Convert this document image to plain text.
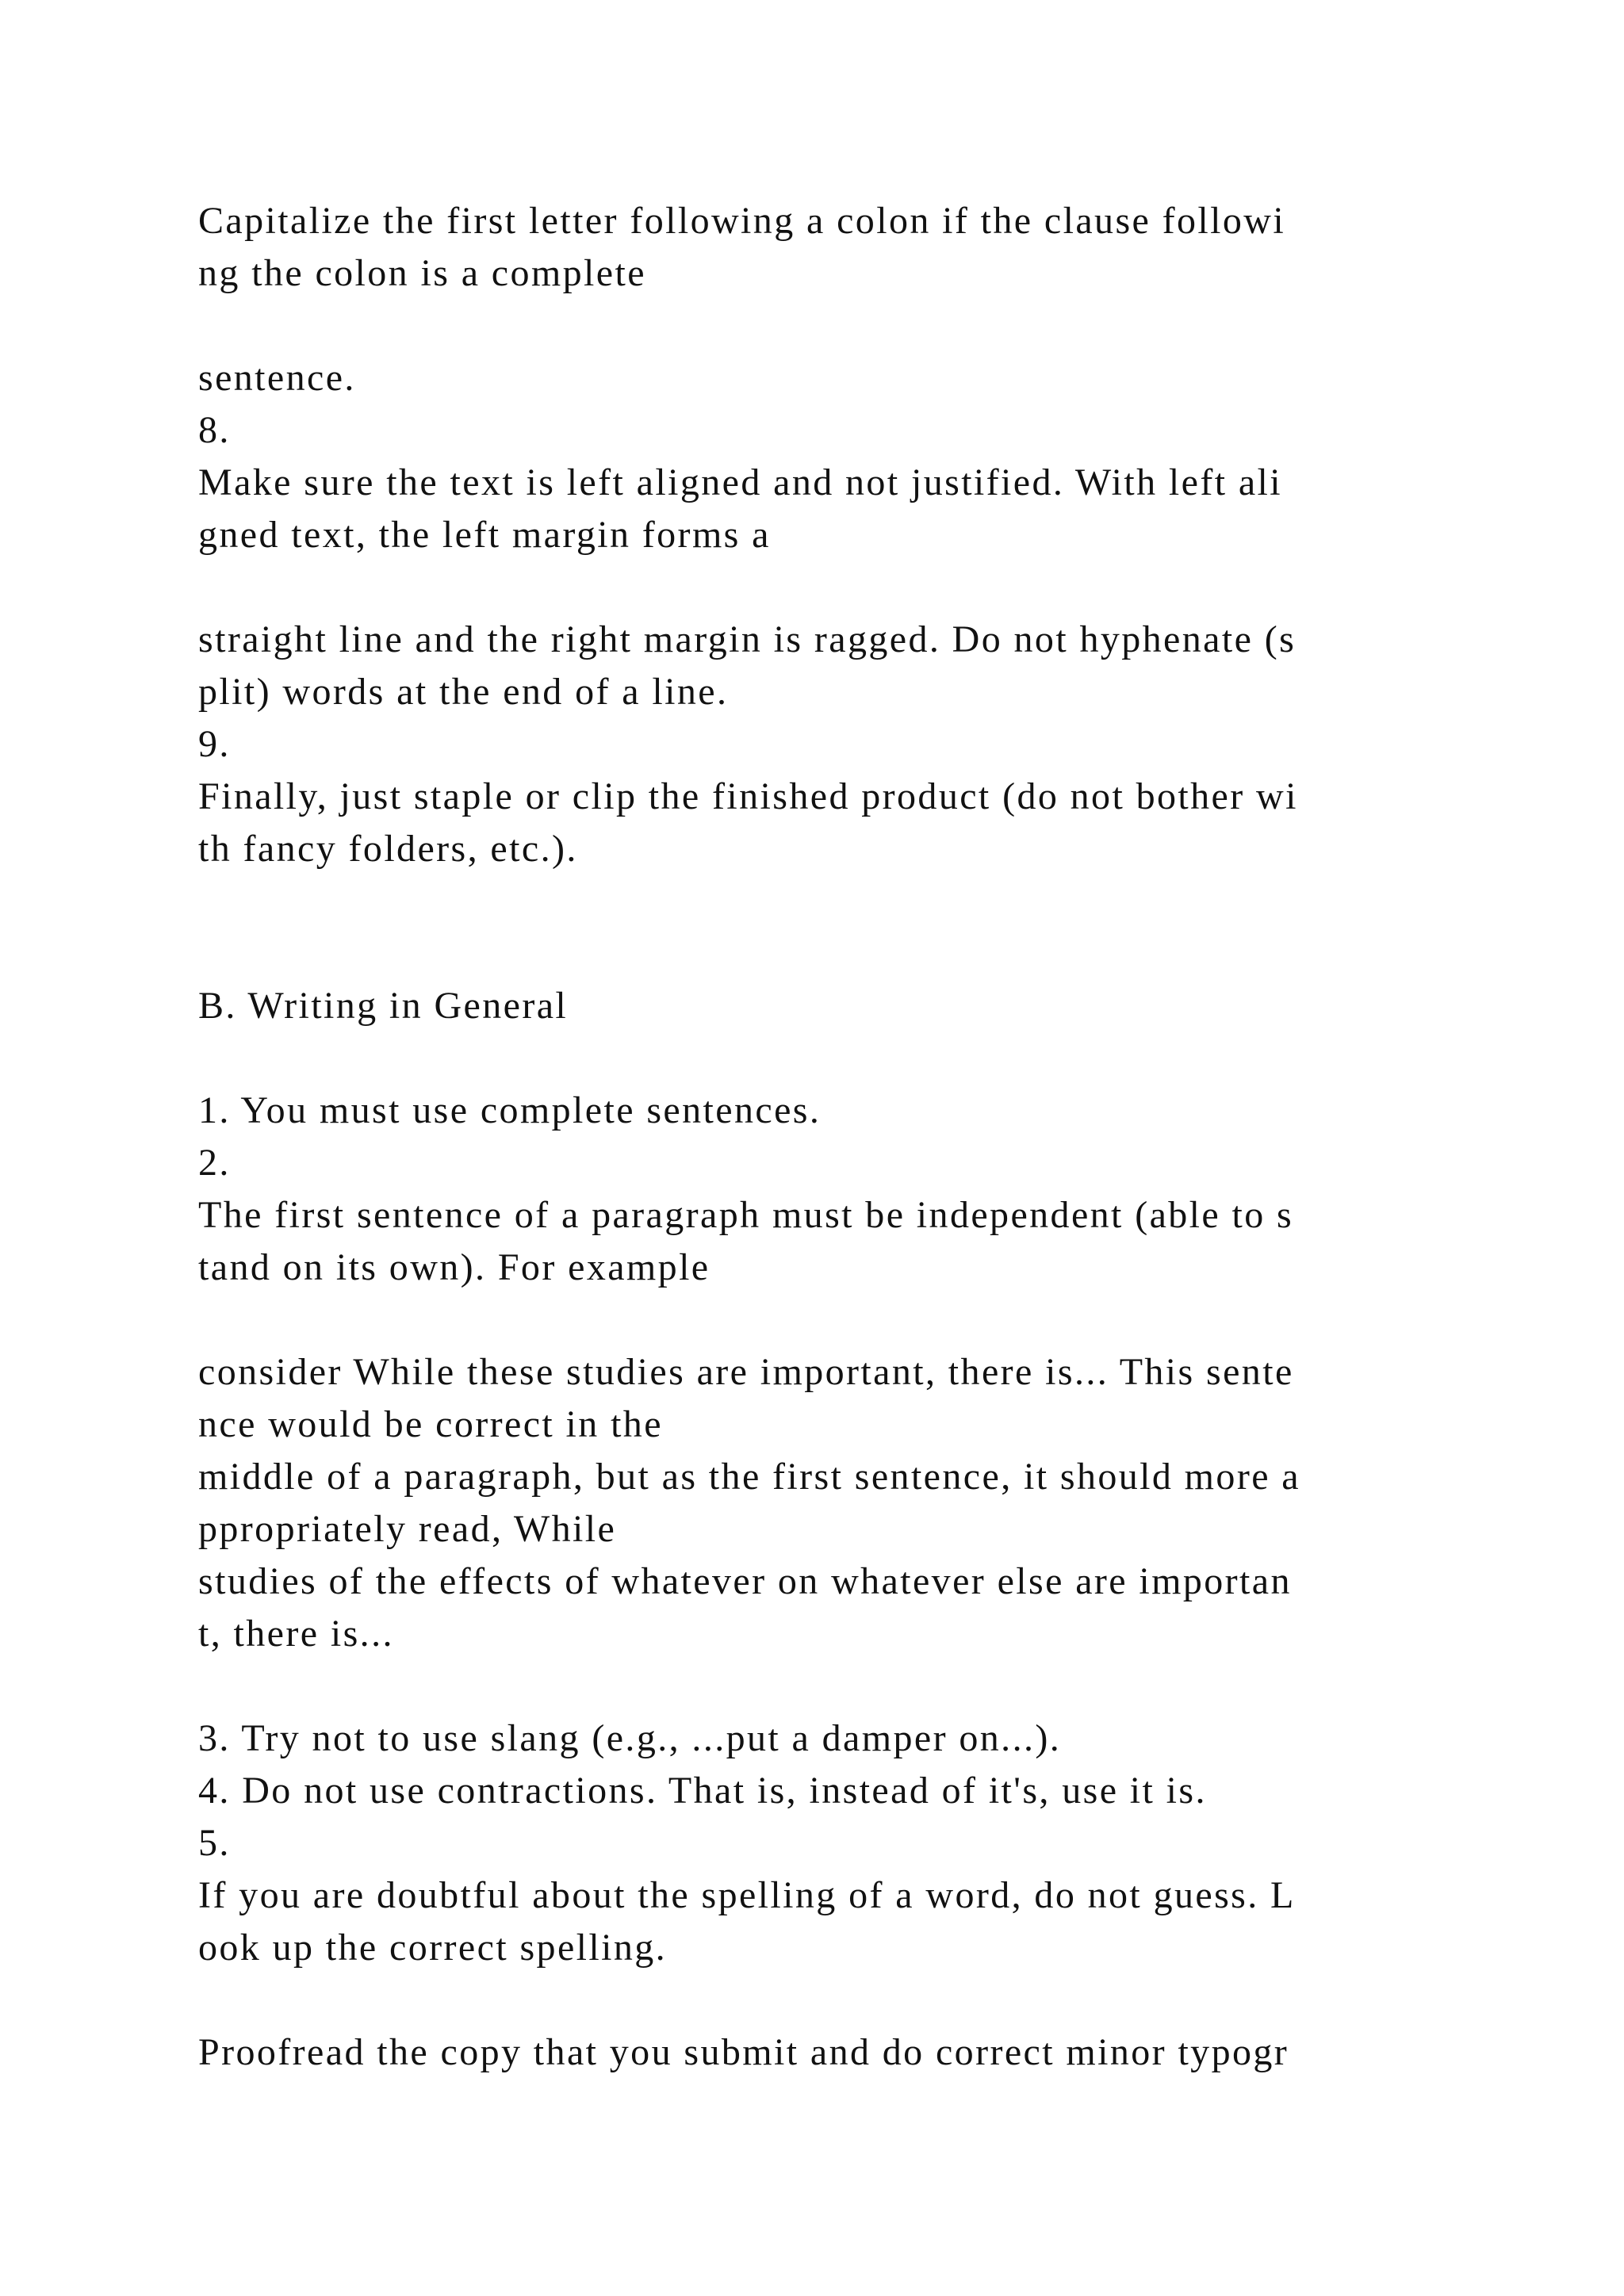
Capitalize the first letter following a colon if the clause followi
ng the colon is a complete
sentence.
8.
Make sure the text is left aligned and not justified. With left ali
gned text, the left margin forms a
straight line and the right margin is ragged. Do not hyphenate (s
plit) words at the end of a line.
9.
Finally, just staple or clip the finished product (do not bother wi
th fancy folders, etc.).
B. Writing in General
1. You must use complete sentences.
2.
The first sentence of a paragraph must be independent (able to s
tand on its own). For example
consider While these studies are important, there is... This sente
nce would be correct in the
middle of a paragraph, but as the first sentence, it should more a
ppropriately read, While
studies of the effects of whatever on whatever else are importan
t, there is...
3. Try not to use slang (e.g., ...put a damper on...).
4. Do not use contractions. That is, instead of it's, use it is.
5.
If you are doubtful about the spelling of a word, do not guess. L
ook up the correct spelling.
Proofread the copy that you submit and do correct minor typogr
